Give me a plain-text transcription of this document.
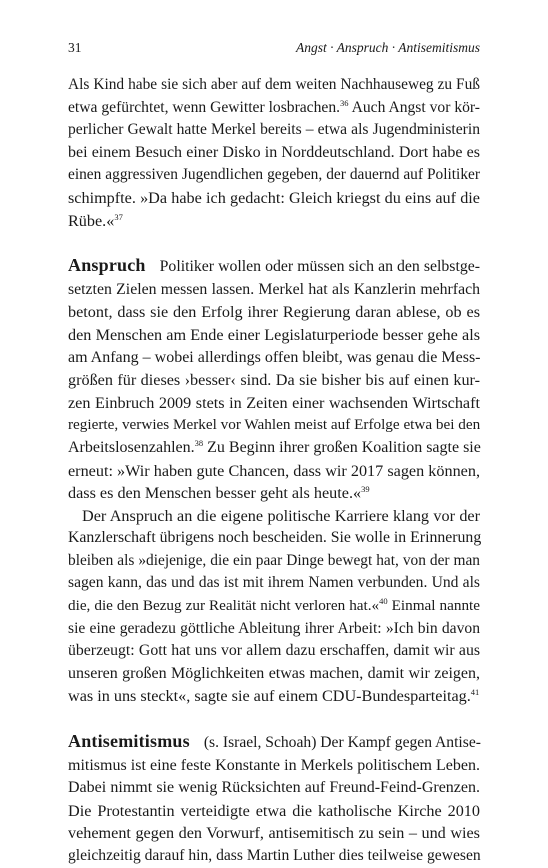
31	Angst · Anspruch · Antisemitismus
Als Kind habe sie sich aber auf dem weiten Nachhauseweg zu Fuß
etwa gefürchtet, wenn Gewitter losbrachen.$^{36}$ Auch Angst vor kör-
perlicher Gewalt hatte Merkel bereits – etwa als Jugendministerin
bei einem Besuch einer Disko in Norddeutschland. Dort habe es
einen aggressiven Jugendlichen gegeben, der dauernd auf Politiker
schimpfte. »Da habe ich gedacht: Gleich kriegst du eins auf die
Rübe.«$^{37}$
Anspruch Politiker wollen oder müssen sich an den selbstge-
setzten Zielen messen lassen. Merkel hat als Kanzlerin mehrfach
betont, dass sie den Erfolg ihrer Regierung daran ablese, ob es
den Menschen am Ende einer Legislaturperiode besser gehe als
am Anfang – wobei allerdings offen bleibt, was genau die Mess-
größen für dieses ›besser‹ sind. Da sie bisher bis auf einen kur-
zen Einbruch 2009 stets in Zeiten einer wachsenden Wirtschaft
regierte, verwies Merkel vor Wahlen meist auf Erfolge etwa bei den
Arbeitslosenzahlen.$^{38}$ Zu Beginn ihrer großen Koalition sagte sie
erneut: »Wir haben gute Chancen, dass wir 2017 sagen können,
dass es den Menschen besser geht als heute.«$^{39}$
Der Anspruch an die eigene politische Karriere klang vor der
Kanzlerschaft übrigens noch bescheiden. Sie wolle in Erinnerung
bleiben als »diejenige, die ein paar Dinge bewegt hat, von der man
sagen kann, das und das ist mit ihrem Namen verbunden. Und als
die, die den Bezug zur Realität nicht verloren hat.«$^{40}$ Einmal nannte
sie eine geradezu göttliche Ableitung ihrer Arbeit: »Ich bin davon
überzeugt: Gott hat uns vor allem dazu erschaffen, damit wir aus
unseren großen Möglichkeiten etwas machen, damit wir zeigen,
was in uns steckt«, sagte sie auf einem CDU-Bundesparteitag.$^{41}$
Antisemitismus (s. Israel, Schoah) Der Kampf gegen Antise-
mitismus ist eine feste Konstante in Merkels politischem Leben.
Dabei nimmt sie wenig Rücksichten auf Freund-Feind-Grenzen.
Die Protestantin verteidigte etwa die katholische Kirche 2010
vehement gegen den Vorwurf, antisemitisch zu sein – und wies
gleichzeitig darauf hin, dass Martin Luther dies teilweise gewesen
